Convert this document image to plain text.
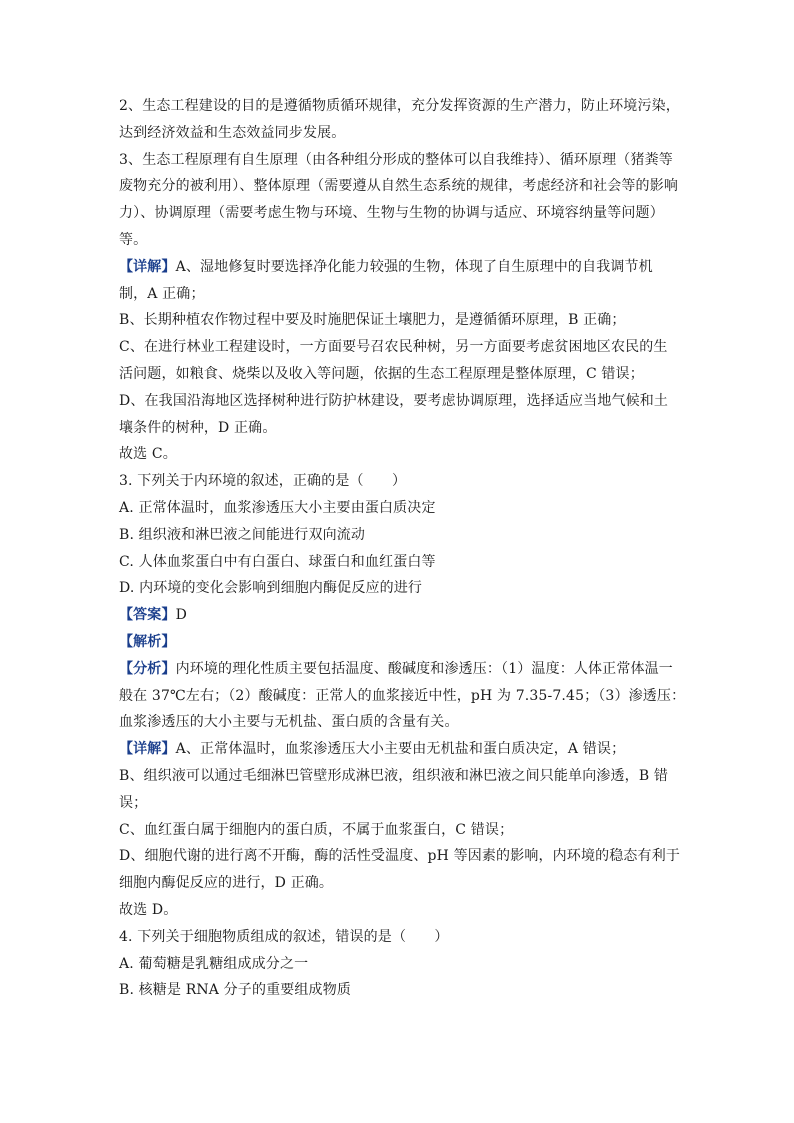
2、生态工程建设的目的是遵循物质循环规律，充分发挥资源的生产潜力，防止环境污染，
达到经济效益和生态效益同步发展。
3、生态工程原理有自生原理（由各种组分形成的整体可以自我维持）、循环原理（猪粪等
废物充分的被利用）、整体原理（需要遵从自然生态系统的规律，考虑经济和社会等的影响
力）、协调原理（需要考虑生物与环境、生物与生物的协调与适应、环境容纳量等问题）
等。
【详解】A、湿地修复时要选择净化能力较强的生物，体现了自生原理中的自我调节机
制，A 正确；
B、长期种植农作物过程中要及时施肥保证土壤肥力，是遵循循环原理，B 正确；
C、在进行林业工程建设时，一方面要号召农民种树，另一方面要考虑贫困地区农民的生
活问题，如粮食、烧柴以及收入等问题，依据的生态工程原理是整体原理，C 错误；
D、在我国沿海地区选择树种进行防护林建设，要考虑协调原理，选择适应当地气候和土
壤条件的树种，D 正确。
故选 C。
3. 下列关于内环境的叙述，正确的是（　　）
A. 正常体温时，血浆渗透压大小主要由蛋白质决定
B. 组织液和淋巴液之间能进行双向流动
C. 人体血浆蛋白中有白蛋白、球蛋白和血红蛋白等
D. 内环境的变化会影响到细胞内酶促反应的进行
【答案】D
【解析】
【分析】内环境的理化性质主要包括温度、酸碱度和渗透压：（1）温度：人体正常体温一
般在 37℃左右；（2）酸碱度：正常人的血浆接近中性，pH 为 7.35-7.45；（3）渗透压：
血浆渗透压的大小主要与无机盐、蛋白质的含量有关。
【详解】A、正常体温时，血浆渗透压大小主要由无机盐和蛋白质决定，A 错误；
B、组织液可以通过毛细淋巴管壁形成淋巴液，组织液和淋巴液之间只能单向渗透，B 错
误；
C、血红蛋白属于细胞内的蛋白质，不属于血浆蛋白，C 错误；
D、细胞代谢的进行离不开酶，酶的活性受温度、pH 等因素的影响，内环境的稳态有利于
细胞内酶促反应的进行，D 正确。
故选 D。
4. 下列关于细胞物质组成的叙述，错误的是（　　）
A. 葡萄糖是乳糖组成成分之一
B. 核糖是 RNA 分子的重要组成物质
